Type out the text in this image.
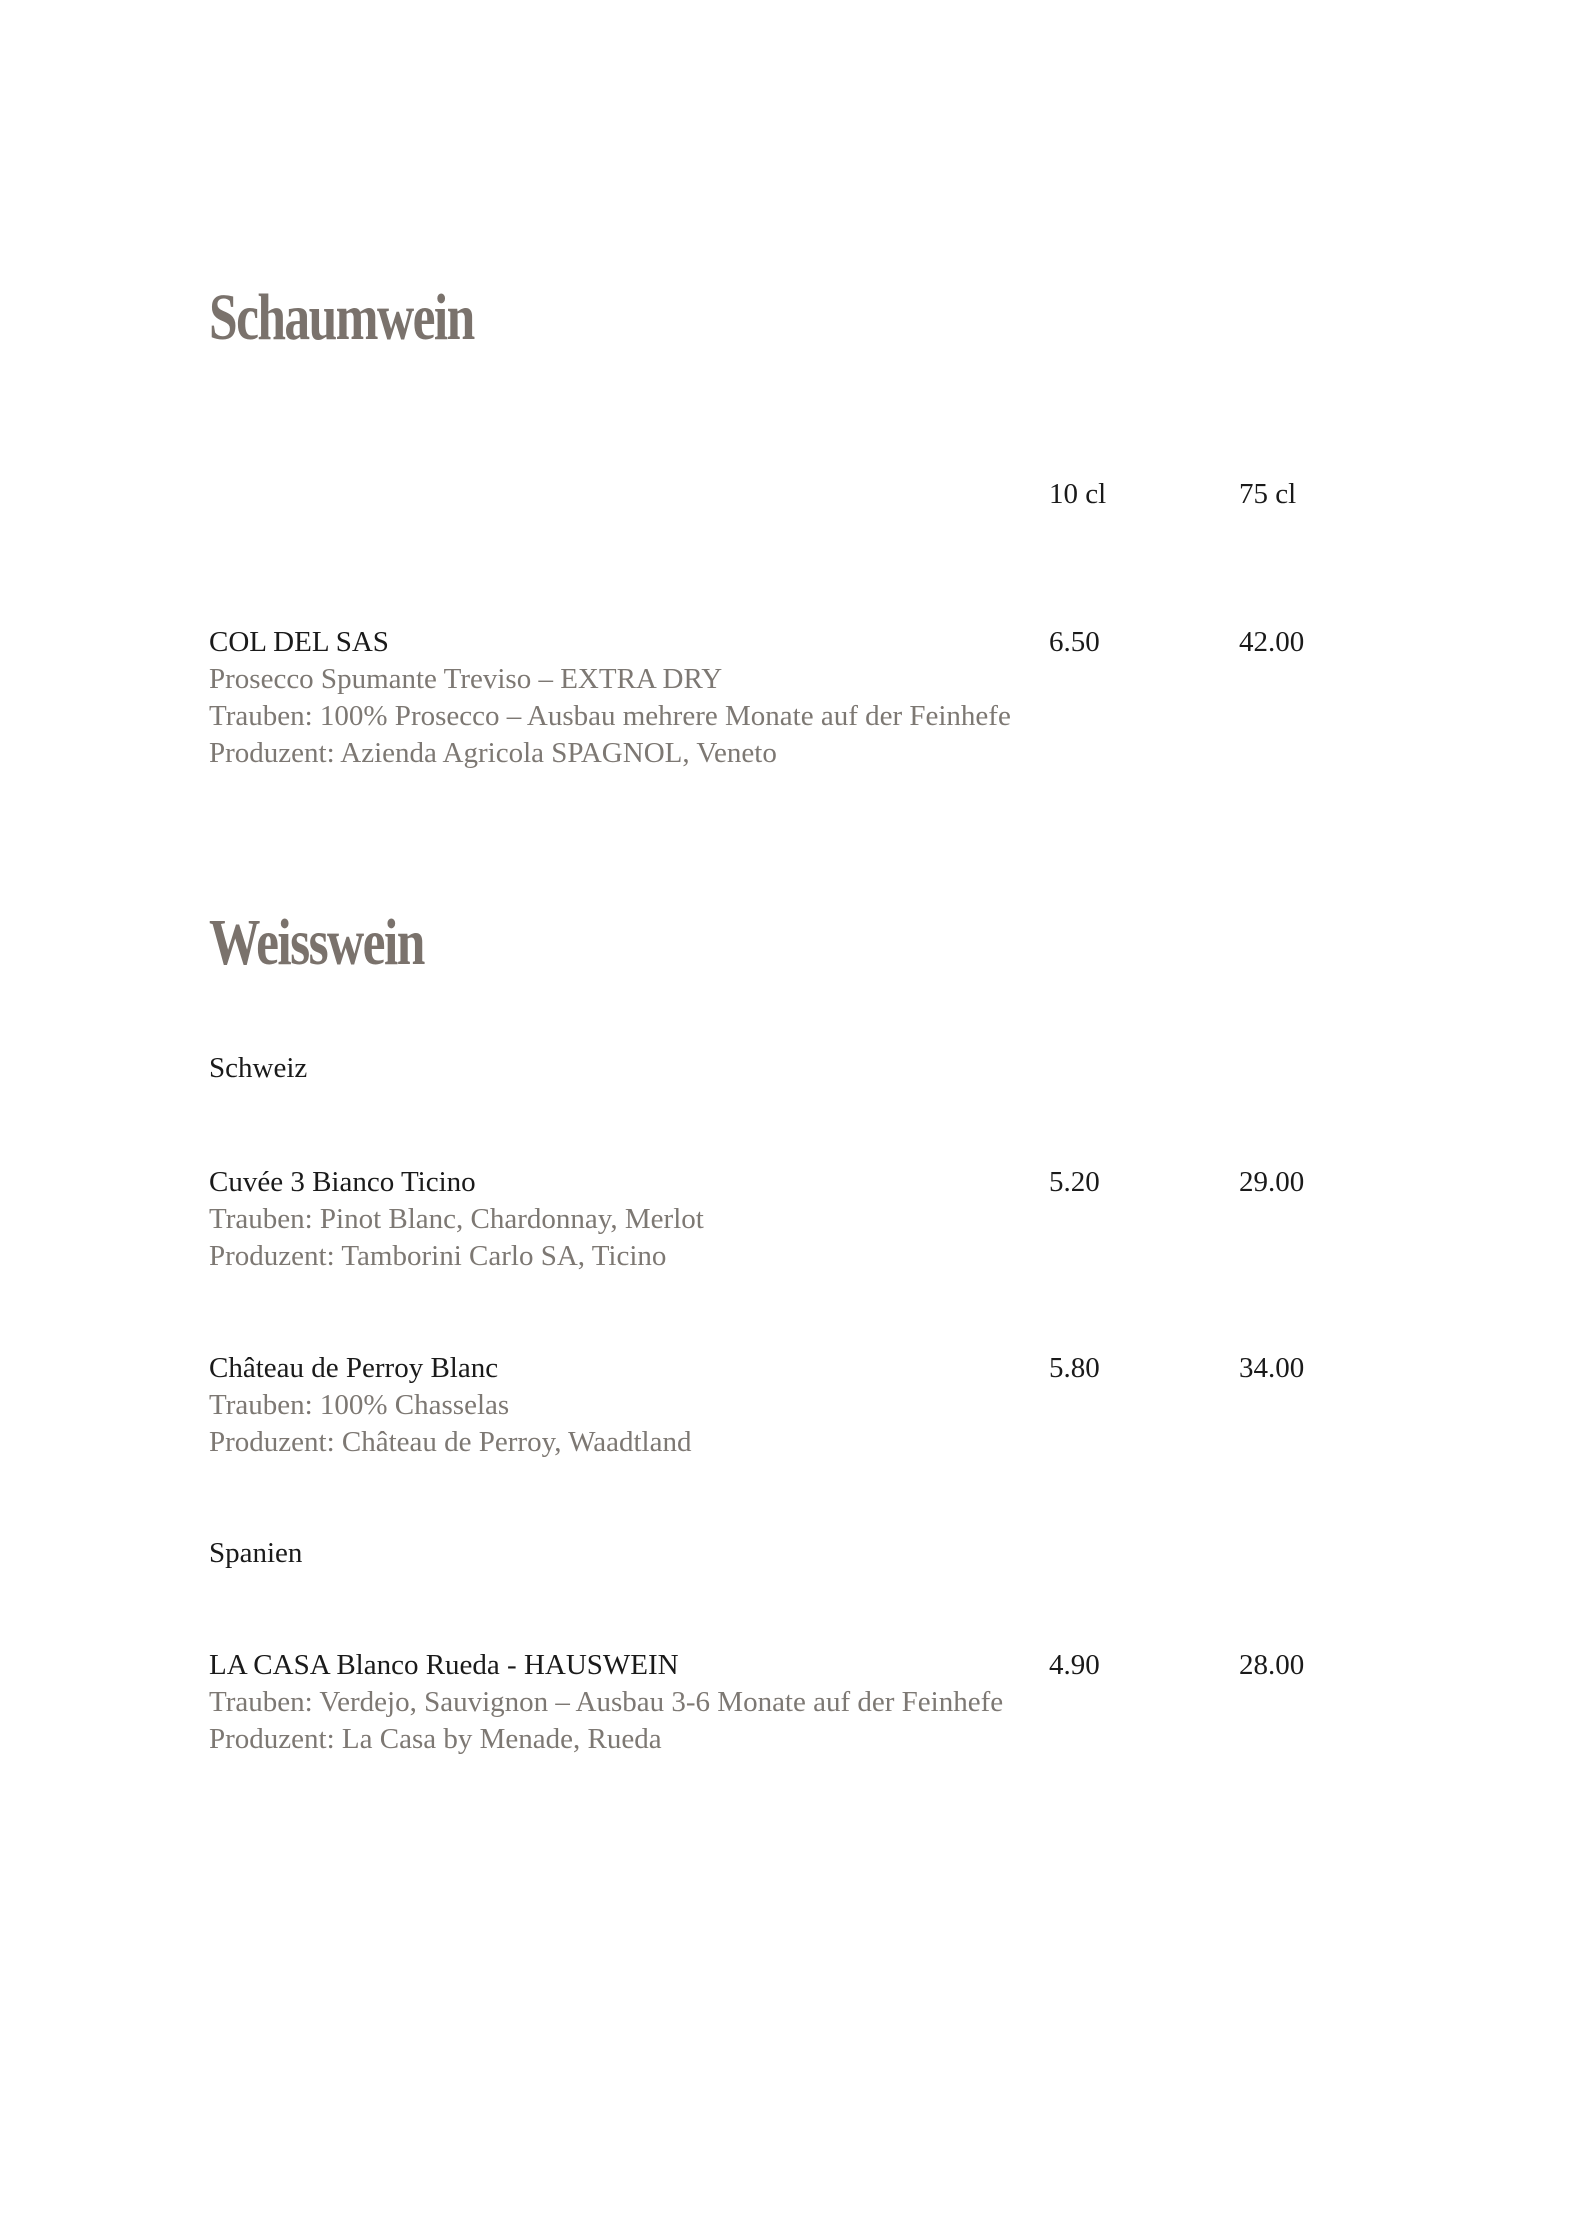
Schaumwein
10 cl	75 cl
COL DEL SAS
Prosecco Spumante Treviso – EXTRA DRY
Trauben: 100% Prosecco – Ausbau mehrere Monate auf der Feinhefe
Produzent: Azienda Agricola SPAGNOL, Veneto
6.50	42.00
Weisswein
Schweiz
Cuvée 3 Bianco Ticino
Trauben: Pinot Blanc, Chardonnay, Merlot
Produzent: Tamborini Carlo SA, Ticino
5.20	29.00
Château de Perroy Blanc
Trauben: 100% Chasselas
Produzent: Château de Perroy, Waadtland
5.80	34.00
Spanien
LA CASA Blanco Rueda - HAUSWEIN
Trauben: Verdejo, Sauvignon – Ausbau 3-6 Monate auf der Feinhefe
Produzent: La Casa by Menade, Rueda
4.90	28.00
